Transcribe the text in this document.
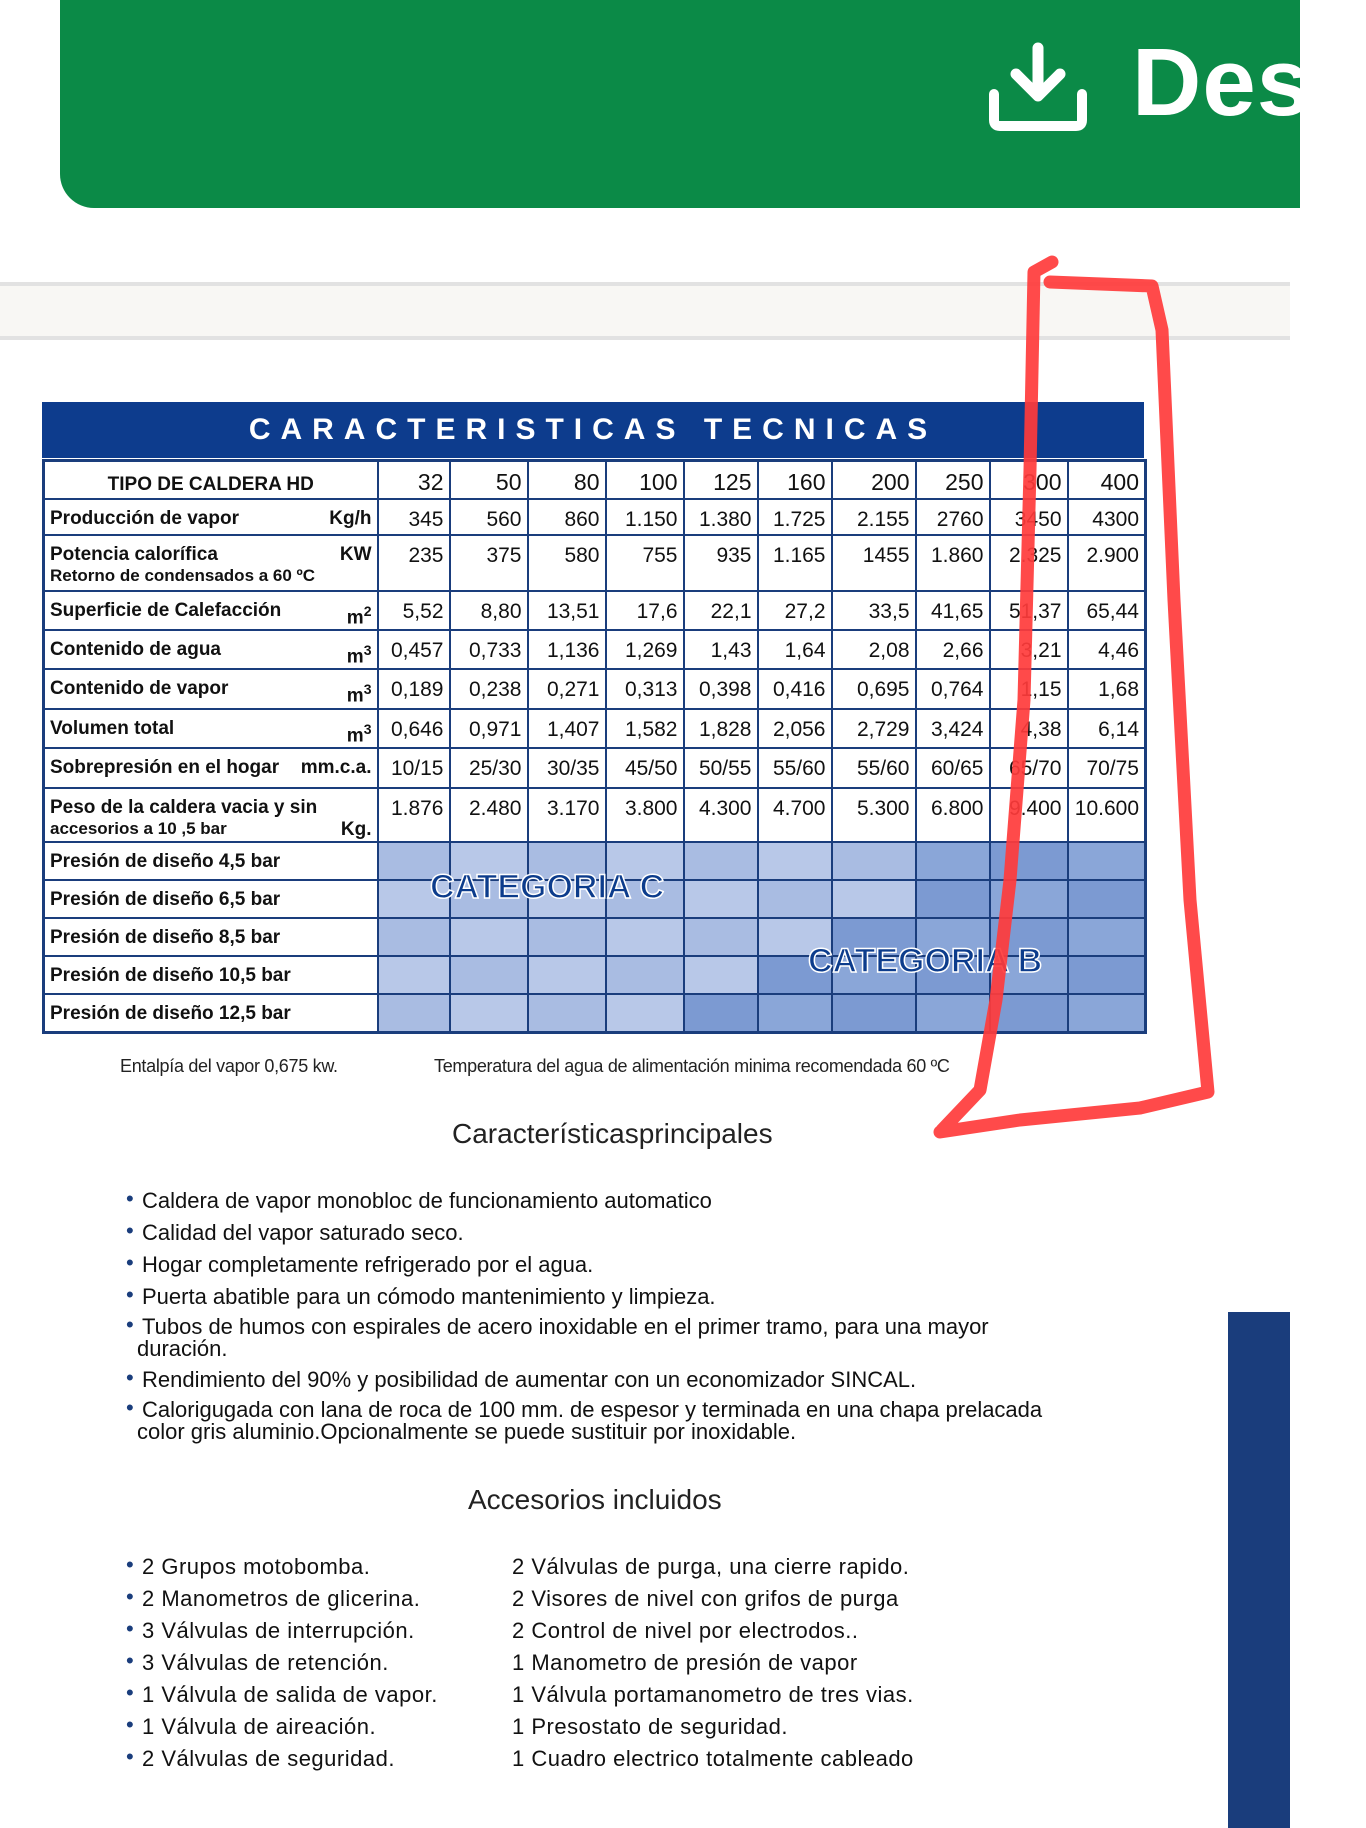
Desc
CARACTERISTICAS TECNICAS
TIPO DE CALDERA HD	32	50	80	100	125	160	200	250	300	400

Producción de vapor Kg/h	345	560	860	1.150	1.380	1.725	2.155	2760	3450	4300

Potencia calorífica KW
Retorno de condensados a 60 ºC	235	375	580	755	935	1.165	1455	1.860	2.325	2.900

Superficie de Calefacción $m^2$	5,52	8,80	13,51	17,6	22,1	27,2	33,5	41,65	51,37	65,44

Contenido de agua $m^3$	0,457	0,733	1,136	1,269	1,43	1,64	2,08	2,66	3,21	4,46

Contenido de vapor $m^3$	0,189	0,238	0,271	0,313	0,398	0,416	0,695	0,764	1,15	1,68

Volumen total $m^3$	0,646	0,971	1,407	1,582	1,828	2,056	2,729	3,424	4,38	6,14

Sobrepresión en el hogar mm.c.a.	10/15	25/30	30/35	45/50	50/55	55/60	55/60	60/65	65/70	70/75

Peso de la caldera vacia y sin
accesorios a 10 ,5 bar Kg.	1.876	2.480	3.170	3.800	4.300	4.700	5.300	6.800	9.400	10.600
Presión de diseño 4,5 bar										
Presión de diseño 6,5 bar										
Presión de diseño 8,5 bar										
Presión de diseño 10,5 bar										
Presión de diseño 12,5 bar										
CATEGORIA C
CATEGORIA B
Entalpía del vapor 0,675 kw.	Temperatura del agua de alimentación minima recomendada 60 ºC
Característicasprincipales
• Caldera de vapor monobloc de funcionamiento automatico
• Calidad del vapor saturado seco.
• Hogar completamente refrigerado por el agua.
• Puerta abatible para un cómodo mantenimiento y limpieza.
• Tubos de humos con espirales de acero inoxidable en el primer tramo, para una mayor
duración.
• Rendimiento del 90% y posibilidad de aumentar con un economizador SINCAL.
• Calorigugada con lana de roca de 100 mm. de espesor y terminada en una chapa prelacada
color gris aluminio.Opcionalmente se puede sustituir por inoxidable.
Accesorios incluidos
• 2 Grupos motobomba.
• 2 Manometros de glicerina.
• 3 Válvulas de interrupción.
• 3 Válvulas de retención.
• 1 Válvula de salida de vapor.
• 1 Válvula de aireación.
• 2 Válvulas de seguridad.
2 Válvulas de purga, una cierre rapido.
2 Visores de nivel con grifos de purga
2 Control de nivel por electrodos..
1 Manometro de presión de vapor
1 Válvula portamanometro de tres vias.
1 Presostato de seguridad.
1 Cuadro electrico totalmente cableado
